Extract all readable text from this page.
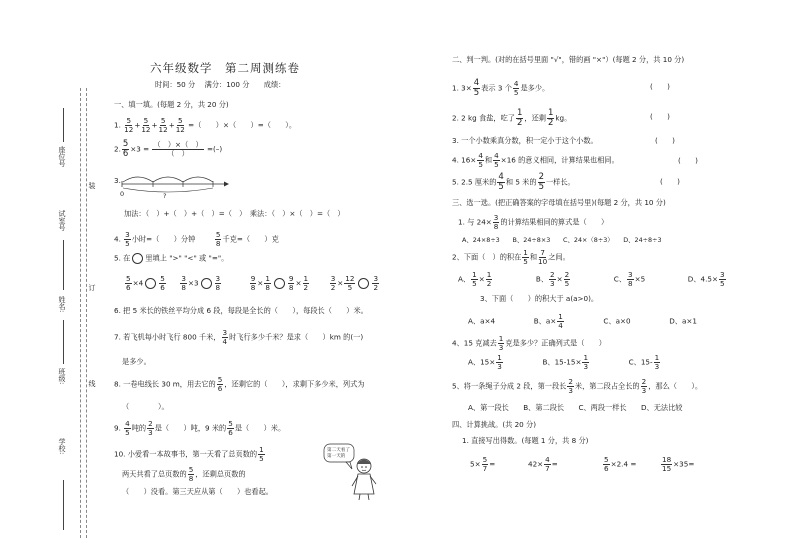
学校:
班级:
姓名:
试室号
座位号
装
订
线
六年级数学　第二周测练卷
时间：50 分　 满分：100 分　　成绩：
一、填一填。(每题 2 分，共 20 分)
1. $\frac{5}{12} + \frac{5}{12} + \frac{5}{12} + \frac{5}{12}$ =（　　）×（　　）=（　　）。
2. $\frac{5}{6} \times 3 = \frac{( )\times( )}{( )}$ =(–)
3.
0	?
加法：（　）+（　）+（　）=（　）　乘法：（　）×（　）=（　）
4. $\frac{3}{5}$ 小时=（　　）分钟	$\frac{5}{8}$ 千克=（　　）克
5. 在 里填上 ">" "<" 或 "="。
$\frac{5}{6} \times 4 \frac{5}{6}$
$\frac{3}{8} \times 3 \frac{3}{8}$
	$\frac{9}{8} \times \frac{1}{8} \frac{9}{8} \times \frac{1}{2}$
	$\frac{3}{2} \times \frac{12}{5} \frac{3}{2}$
6. 把 5 米长的铁丝平均分成 6 段，每段是全长的（　　），每段长（　　）米。
7. 若飞机每小时飞行 800 千米， $\frac{3}{4}$ 时飞行多少千米？是求（　　）km 的(一)
是多少。
8. 一卷电线长 30 m，用去它的 $\frac{5}{6}$ ，还剩它的（　　），求剩下多少米，列式为
（　　　　）。
9. $\frac{4}{5}$ 吨的 $\frac{2}{3}$ 是（　　）吨，9 米的 $\frac{5}{6}$ 是（　　）米。
10. 小爱看一本故事书，第一天看了总页数的 $\frac{1}{5}$
两天共看了总页数的 $\frac{5}{8}$ ，还剩总页数的
（　　）没看。第三天应从第（　　）也看起。
第二天看了第一天的
二、判一判。(对的在括号里面 "√"，错的画 "×"）(每题 2 分，共 10 分)
1. $3\times \frac{4}{5}$ 表示 3 个 $\frac{4}{5}$ 是多少。	(　　)
2. 2 kg 食盐，吃了 $\frac{1}{2}$ ，还剩 $\frac{1}{2}$ kg。	(　　)
3. 一个小数乘真分数，积一定小于这个小数。	(　　)
4. $16\times \frac{4}{5}$ 和 $\frac{4}{5} \times 16$ 的意义相同，计算结果也相同。	(　　)
5. 2.5 厘米的 $\frac{4}{5}$ 和 5 米的 $\frac{2}{5}$ 一样长。	(　　)
三、选一选。(把正确答案的字母填在括号里)(每题 2 分，共 10 分)
1. 与 $24\times \frac{3}{8}$ 的计算结果相同的算式是（　　）
A、24×8÷3　　B、24÷8×3　　C、24×（8÷3）　　D、24÷8÷3
2、下面（　）的积在 $\frac{1}{5}$ 和 $\frac{7}{10}$ 之间。
A、 $\frac{1}{5} \times \frac{1}{2}$	B、 $\frac{2}{3} \times \frac{2}{5}$	C、 $\frac{3}{8} \times 5$	D、$4.5\times \frac{3}{5}$
3、下面（　　）的积大于 a(a>0)。
A、a×4	B、$a\times \frac{1}{4}$	C、a×0	D、a×1
4、15 克减去 $\frac{1}{3}$ 克是多少？正确列式是（　　）
A、$15\times \frac{1}{3}$	B、$15-15\times \frac{1}{3}$	C、$15- \frac{1}{3}$
5、将一条绳子分成 2 段，第一段长 $\frac{2}{3}$ 米，第二段占全长的 $\frac{2}{3}$ ，那么（　　）。
A、第一段长　　B、第二段长　　C、两段一样长　　D、无法比较
四、计算挑战。(共 20 分)
1. 直接写出得数。(每题 1 分，共 8 分)
$5\times \frac{5}{7}$ =	$42\times \frac{4}{7}$ =	$\frac{5}{6} \times 2.4$ =	$\frac{18}{15} \times 35=$
